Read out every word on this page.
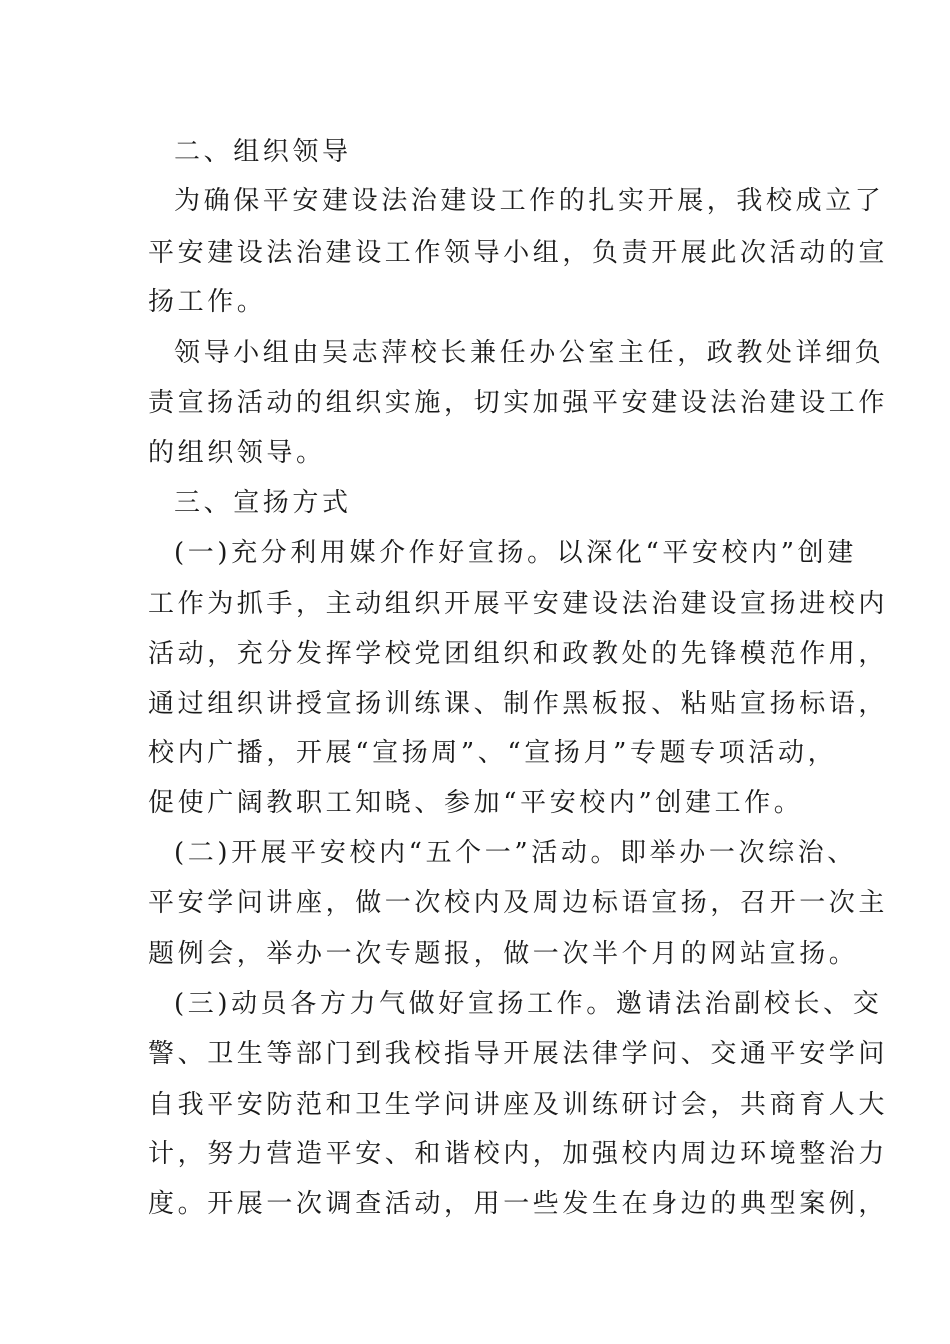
二、组织领导
为确保平安建设法治建设工作的扎实开展，我校成立了
平安建设法治建设工作领导小组，负责开展此次活动的宣
扬工作。
领导小组由吴志萍校长兼任办公室主任，政教处详细负
责宣扬活动的组织实施，切实加强平安建设法治建设工作
的组织领导。
三、宣扬方式
(一)充分利用媒介作好宣扬。以深化“平安校内”创建
工作为抓手，主动组织开展平安建设法治建设宣扬进校内
活动，充分发挥学校党团组织和政教处的先锋模范作用，
通过组织讲授宣扬训练课、制作黑板报、粘贴宣扬标语，
校内广播，开展“宣扬周”、“宣扬月”专题专项活动，
促使广阔教职工知晓、参加“平安校内”创建工作。
(二)开展平安校内“五个一”活动。即举办一次综治、
平安学问讲座，做一次校内及周边标语宣扬，召开一次主
题例会，举办一次专题报，做一次半个月的网站宣扬。
(三)动员各方力气做好宣扬工作。邀请法治副校长、交
警、卫生等部门到我校指导开展法律学问、交通平安学问
自我平安防范和卫生学问讲座及训练研讨会，共商育人大
计，努力营造平安、和谐校内，加强校内周边环境整治力
度。开展一次调查活动，用一些发生在身边的典型案例，
